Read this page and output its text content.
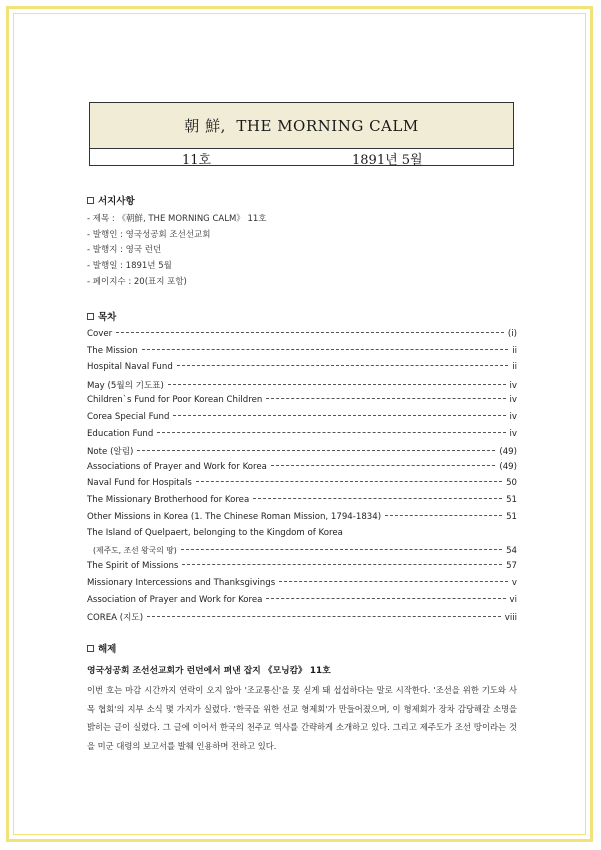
朝 鮮,
THE MORNING CALM
11호	1891년 5월
서지사항
- 제목 : 《朝鮮, THE MORNING CALM》 11호
- 발행인 : 영국성공회 조선선교회
- 발행지 : 영국 런던
- 발행일 : 1891년 5월
- 페이지수 : 20(표지 포함)
목차
Cover	(i)
The Mission	ii
Hospital Naval Fund	ii
May (5월의 기도표)	iv
Children`s Fund for Poor Korean Children	iv
Corea Special Fund	iv
Education Fund	iv
Note (알림)	(49)
Associations of Prayer and Work for Korea	(49)
Naval Fund for Hospitals	50
The Missionary Brotherhood for Korea	51
Other Missions in Korea (1. The Chinese Roman Mission, 1794-1834)	51
The Island of Quelpaert, belonging to the Kingdom of Korea
(제주도, 조선 왕국의 땅)	54
The Spirit of Missions	57
Missionary Intercessions and Thanksgivings	v
Association of Prayer and Work for Korea	vi
COREA (지도)	viii
해제
영국성공회 조선선교회가 런던에서 펴낸 잡지 《모닝캄》 11호
이번 호는 마감 시간까지 연락이 오지 않아 '조교통신'을 못 싣게 돼 섭섭하다는 말로 시작한다. '조선을 위한 기도와 사목 협회'의 지부 소식 몇 가지가 실렸다. '한국을 위한 선교 형제회'가 만들어졌으며, 이 형제회가 장차 감당해갈 소명을 밝히는 글이 실렸다. 그 글에 이어서 한국의 천주교 역사를 간략하게 소개하고 있다. 그리고 제주도가 조선 땅이라는 것을 미군 대령의 보고서를 발췌 인용하며 전하고 있다.
